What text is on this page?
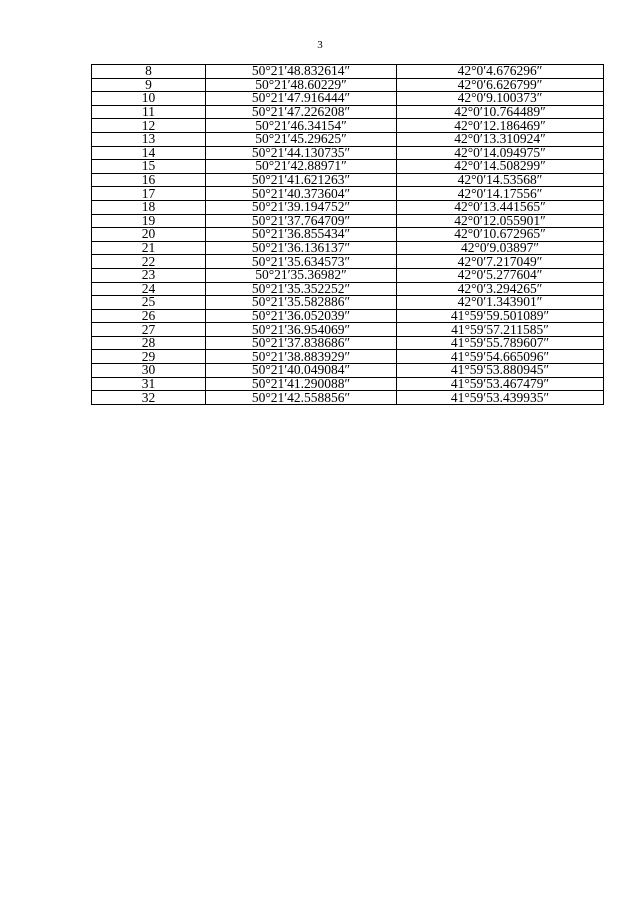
3
8	50°21′48.832614″	42°0′4.676296″
9	50°21′48.60229″	42°0′6.626799″
10	50°21′47.916444″	42°0′9.100373″
11	50°21′47.226208″	42°0′10.764489″
12	50°21′46.34154″	42°0′12.186469″
13	50°21′45.29625″	42°0′13.310924″
14	50°21′44.130735″	42°0′14.094975″
15	50°21′42.88971″	42°0′14.508299″
16	50°21′41.621263″	42°0′14.53568″
17	50°21′40.373604″	42°0′14.17556″
18	50°21′39.194752″	42°0′13.441565″
19	50°21′37.764709″	42°0′12.055901″
20	50°21′36.855434″	42°0′10.672965″
21	50°21′36.136137″	42°0′9.03897″
22	50°21′35.634573″	42°0′7.217049″
23	50°21′35.36982″	42°0′5.277604″
24	50°21′35.352252″	42°0′3.294265″
25	50°21′35.582886″	42°0′1.343901″
26	50°21′36.052039″	41°59′59.501089″
27	50°21′36.954069″	41°59′57.211585″
28	50°21′37.838686″	41°59′55.789607″
29	50°21′38.883929″	41°59′54.665096″
30	50°21′40.049084″	41°59′53.880945″
31	50°21′41.290088″	41°59′53.467479″
32	50°21′42.558856″	41°59′53.439935″
